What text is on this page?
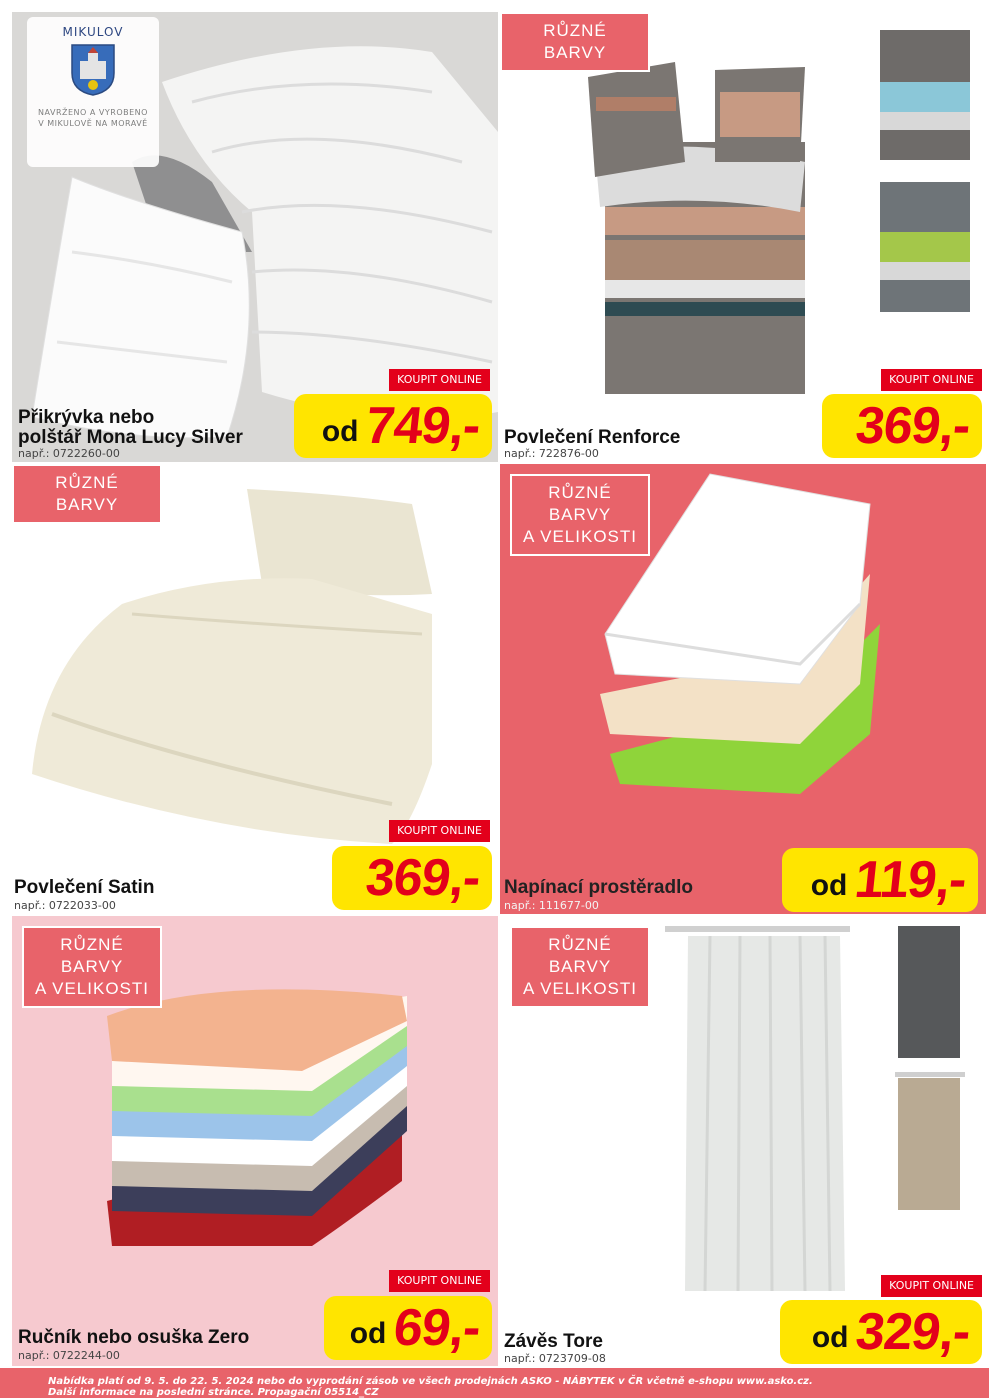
MIKULOV
NAVRŽENO A VYROBENO
V MIKULOVĚ NA MORAVĚ
KOUPIT ONLINE
od 749,-
Přikrývka nebo
polštář Mona Lucy Silver
např.: 0722260-00
RŮZNÉ BARVY
KOUPIT ONLINE
369,-
Povlečení Renforce
např.: 722876-00
RŮZNÉ BARVY
KOUPIT ONLINE
369,-
Povlečení Satin
např.: 0722033-00
RŮZNÉ BARVY
A VELIKOSTI
od 119,-
Napínací prostěradlo
např.: 111677-00
RŮZNÉ BARVY
A VELIKOSTI
KOUPIT ONLINE
od 69,-
Ručník nebo osuška Zero
např.: 0722244-00
RŮZNÉ BARVY
A VELIKOSTI
KOUPIT ONLINE
od 329,-
Závěs Tore
např.: 0723709-08
Nabídka platí od 9. 5. do 22. 5. 2024 nebo do vyprodání zásob ve všech prodejnách ASKO - NÁBYTEK v ČR včetně e-shopu www.asko.cz.
Další informace na poslední stránce. Propagační 05514_CZ
